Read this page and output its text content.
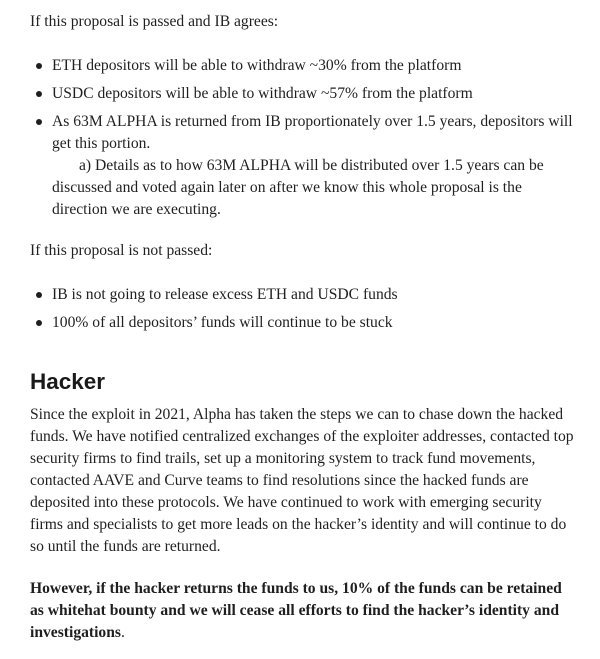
If this proposal is passed and IB agrees:

ETH depositors will be able to withdraw ~30% from the platform
USDC depositors will be able to withdraw ~57% from the platform
As 63M ALPHA is returned from IB proportionately over 1.5 years, depositors will get this portion.
a) Details as to how 63M ALPHA will be distributed over 1.5 years can be discussed and voted again later on after we know this whole proposal is the direction we are executing.

If this proposal is not passed:

IB is not going to release excess ETH and USDC funds
100% of all depositors’ funds will continue to be stuck
Hacker

Since the exploit in 2021, Alpha has taken the steps we can to chase down the hacked funds. We have notified centralized exchanges of the exploiter addresses, contacted top security firms to find trails, set up a monitoring system to track fund movements, contacted AAVE and Curve teams to find resolutions since the hacked funds are deposited into these protocols. We have continued to work with emerging security firms and specialists to get more leads on the hacker’s identity and will continue to do so until the funds are returned.

However, if the hacker returns the funds to us, 10% of the funds can be retained as whitehat bounty and we will cease all efforts to find the hacker’s identity and investigations.
